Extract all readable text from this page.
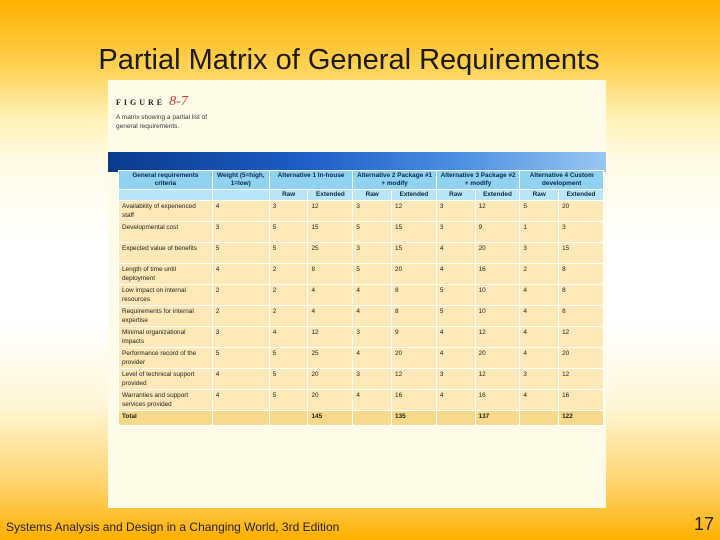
Partial Matrix of General Requirements
FIGURE 8-7
A matrix showing a partial list of general requirements.
General requirements criteria	Weight (5=high, 1=low)	Alternative 1 In-house		Alternative 2 Package #1 + modify		Alternative 3 Package #2 + modify		Alternative 4 Custom development	
		Raw	Extended	Raw	Extended	Raw	Extended	Raw	Extended
Availability of experienced staff	4	3	12	3	12	3	12	5	20
Developmental cost	3	5	15	5	15	3	9	1	3
Expected value of benefits	5	5	25	3	15	4	20	3	15
Length of time until deployment	4	2	8	5	20	4	16	2	8
Low impact on internal resources	2	2	4	4	8	5	10	4	8
Requirements for internal expertise	2	2	4	4	8	5	10	4	8
Minimal organizational impacts	3	4	12	3	9	4	12	4	12
Performance record of the provider	5	5	25	4	20	4	20	4	20
Level of technical support provided	4	5	20	3	12	3	12	3	12
Warranties and support services provided	4	5	20	4	16	4	16	4	16
Total			145		135		137		122
Systems Analysis and Design in a Changing World, 3rd Edition	17
